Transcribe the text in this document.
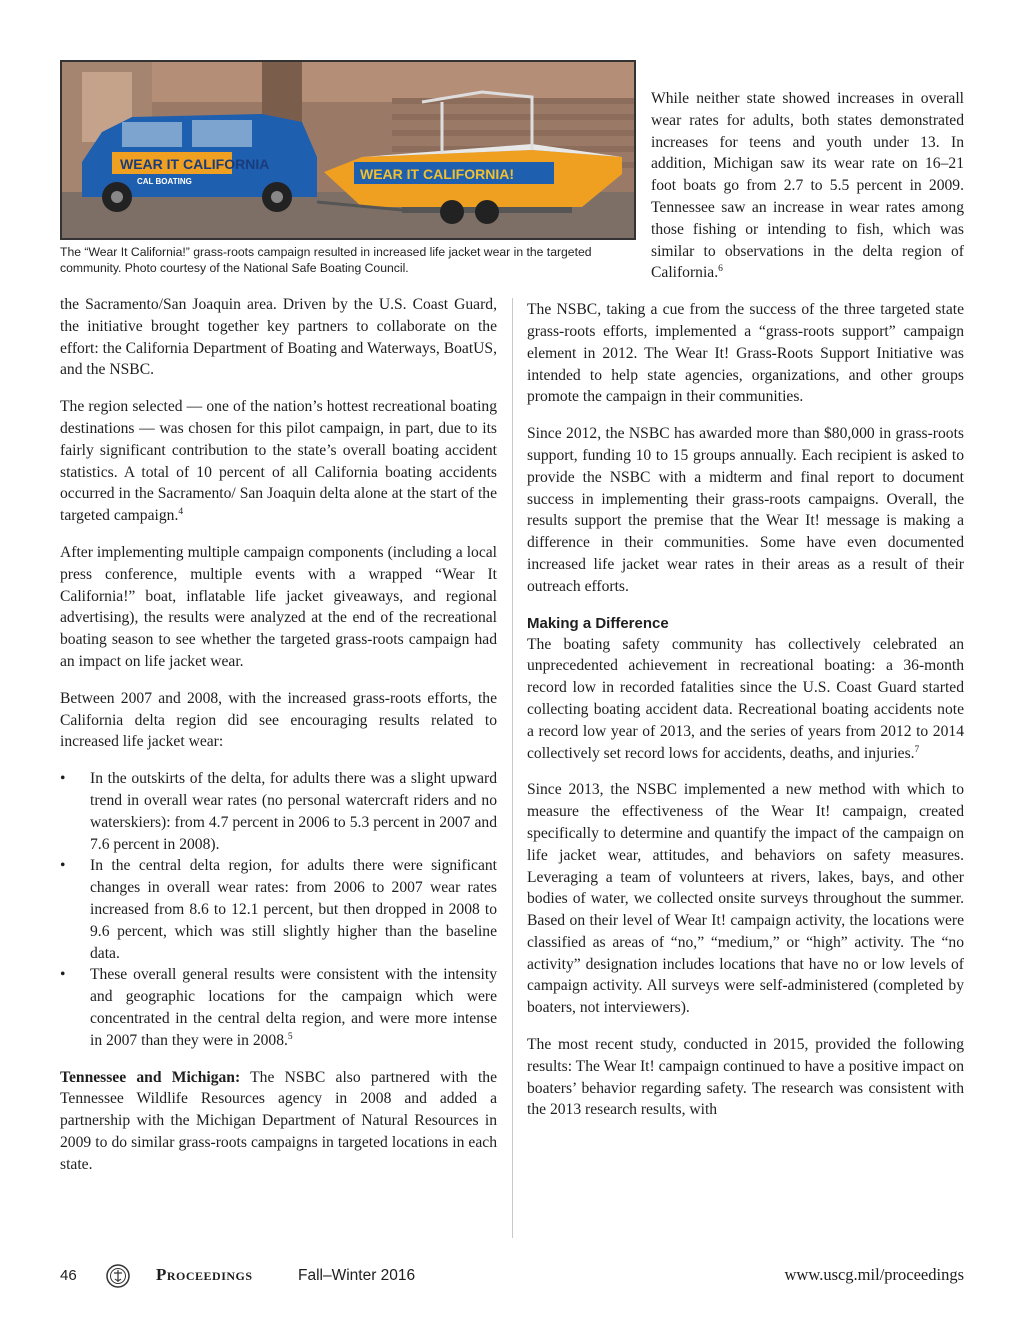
WEAR IT CALIFORNIA
CAL BOATING	WEAR IT CALIFORNIA!
The “Wear It California!” grass-roots campaign resulted in increased life jacket wear in the targeted community. Photo courtesy of the National Safe Boating Council.

the Sacramento/San Joaquin area. Driven by the U.S. Coast Guard, the initiative brought together key partners to collaborate on the effort: the California Department of Boating and Waterways, BoatUS, and the NSBC.

The region selected — one of the nation’s hottest recreational boating destinations — was chosen for this pilot campaign, in part, due to its fairly significant contribution to the state’s overall boating accident statistics. A total of 10 percent of all California boating accidents occurred in the Sacramento/ San Joaquin delta alone at the start of the targeted campaign.$^4$

After implementing multiple campaign components (including a local press conference, multiple events with a wrapped “Wear It California!” boat, inflatable life jacket giveaways, and regional advertising), the results were analyzed at the end of the recreational boating season to see whether the targeted grass-roots campaign had an impact on life jacket wear.

Between 2007 and 2008, with the increased grass-roots efforts, the California delta region did see encouraging results related to increased life jacket wear:

• In the outskirts of the delta, for adults there was a slight upward trend in overall wear rates (no personal watercraft riders and no waterskiers): from 4.7 percent in 2006 to 5.3 percent in 2007 and 7.6 percent in 2008).
• In the central delta region, for adults there were significant changes in overall wear rates: from 2006 to 2007 wear rates increased from 8.6 to 12.1 percent, but then dropped in 2008 to 9.6 percent, which was still slightly higher than the baseline data.
• These overall general results were consistent with the intensity and geographic locations for the campaign which were concentrated in the central delta region, and were more intense in 2007 than they were in 2008.$^5$

Tennessee and Michigan: The NSBC also partnered with the Tennessee Wildlife Resources agency in 2008 and added a partnership with the Michigan Department of Natural Resources in 2009 to do similar grass-roots campaigns in targeted locations in each state.

While neither state showed increases in overall wear rates for adults, both states demonstrated increases for teens and youth under 13. In addition, Michigan saw its wear rate on 16–21 foot boats go from 2.7 to 5.5 percent in 2009. Tennessee saw an increase in wear rates among those fishing or intending to fish, which was similar to observations in the delta region of California.$^6$

The NSBC, taking a cue from the success of the three targeted state grass-roots efforts, implemented a “grass-roots support” campaign element in 2012. The Wear It! Grass-Roots Support Initiative was intended to help state agencies, organizations, and other groups promote the campaign in their communities.

Since 2012, the NSBC has awarded more than $80,000 in grass-roots support, funding 10 to 15 groups annually. Each recipient is asked to provide the NSBC with a midterm and final report to document success in implementing their grass-roots campaigns. Overall, the results support the premise that the Wear It! message is making a difference in their communities. Some have even documented increased life jacket wear rates in their areas as a result of their outreach efforts.

Making a Difference

The boating safety community has collectively celebrated an unprecedented achievement in recreational boating: a 36-month record low in recorded fatalities since the U.S. Coast Guard started collecting boating accident data. Recreational boating accidents note a record low year of 2013, and the series of years from 2012 to 2014 collectively set record lows for accidents, deaths, and injuries.$^7$

Since 2013, the NSBC implemented a new method with which to measure the effectiveness of the Wear It! campaign, created specifically to determine and quantify the impact of the campaign on life jacket wear, attitudes, and behaviors on safety measures. Leveraging a team of volunteers at rivers, lakes, bays, and other bodies of water, we collected onsite surveys throughout the summer. Based on their level of Wear It! campaign activity, the locations were classified as areas of “no,” “medium,” or “high” activity. The “no activity” designation includes locations that have no or low levels of campaign activity. All surveys were self-administered (completed by boaters, not interviewers).

The most recent study, conducted in 2015, provided the following results: The Wear It! campaign continued to have a positive impact on boaters’ behavior regarding safety. The research was consistent with the 2013 research results, with

46	Proceedings	Fall–Winter 2016	www.uscg.mil/proceedings
